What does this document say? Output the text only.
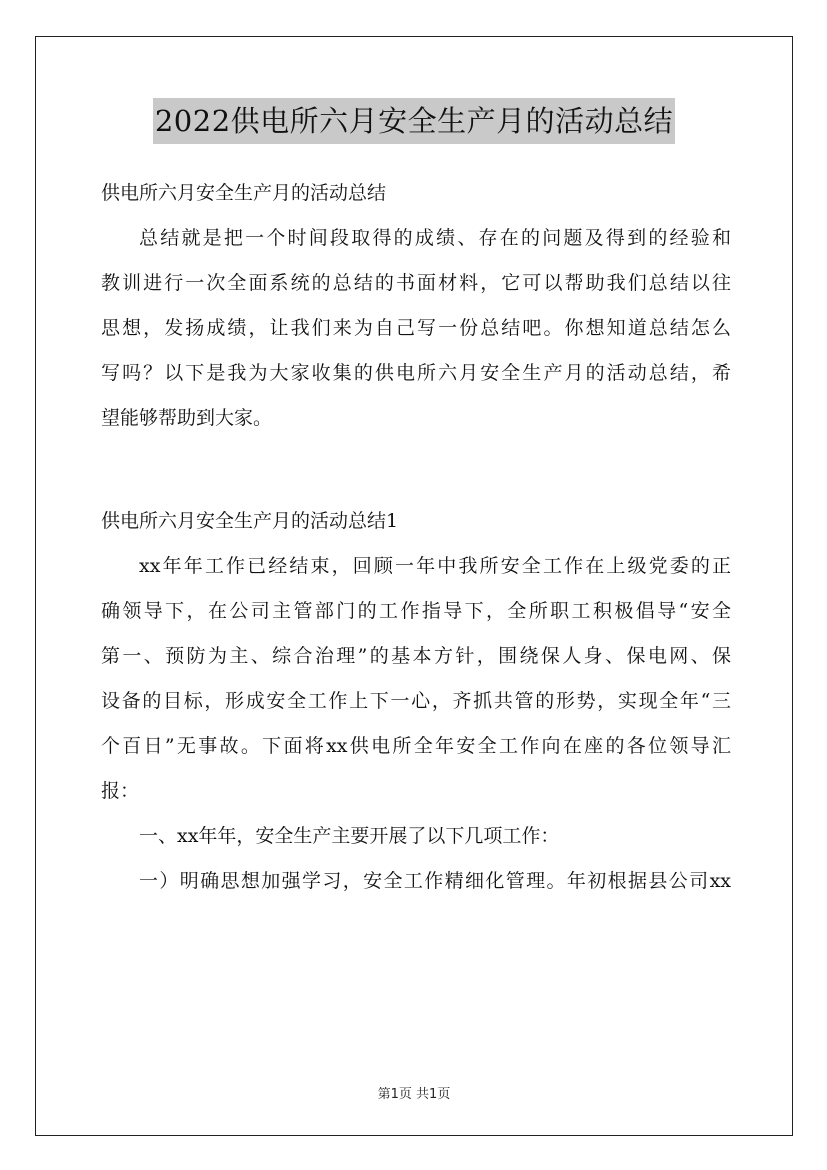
2022供电所六月安全生产月的活动总结
供电所六月安全生产月的活动总结
总结就是把一个时间段取得的成绩、存在的问题及得到的经验和
教训进行一次全面系统的总结的书面材料，它可以帮助我们总结以往
思想，发扬成绩，让我们来为自己写一份总结吧。你想知道总结怎么
写吗？以下是我为大家收集的供电所六月安全生产月的活动总结，希
望能够帮助到大家。
供电所六月安全生产月的活动总结1
xx年年工作已经结束，回顾一年中我所安全工作在上级党委的正
确领导下，在公司主管部门的工作指导下，全所职工积极倡导“安全
第一、预防为主、综合治理”的基本方针，围绕保人身、保电网、保
设备的目标，形成安全工作上下一心，齐抓共管的形势，实现全年“三
个百日”无事故。下面将xx供电所全年安全工作向在座的各位领导汇
报：
一、xx年年，安全生产主要开展了以下几项工作：
一）明确思想加强学习，安全工作精细化管理。年初根据县公司xx
第1页 共1页
